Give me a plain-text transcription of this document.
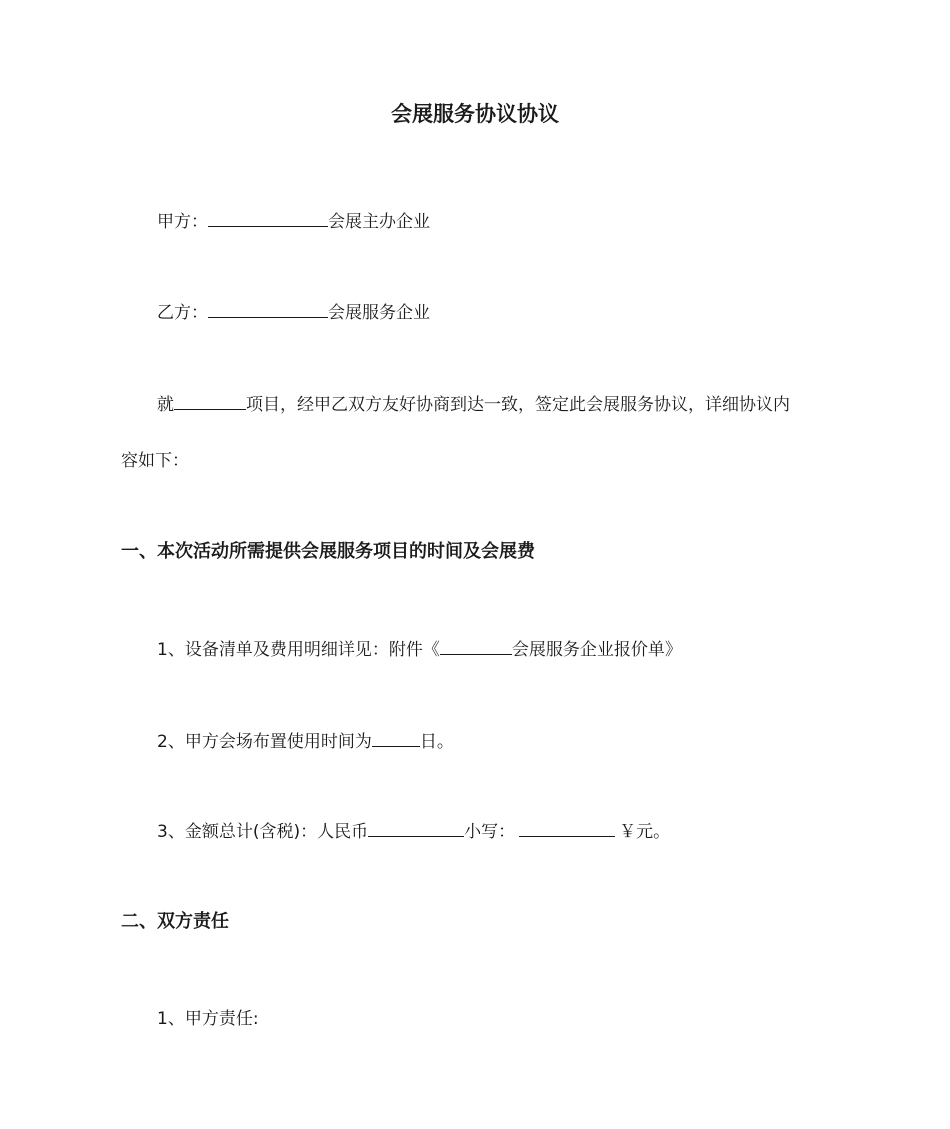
会展服务协议协议
甲方：	会展主办企业
乙方：	会展服务企业
就	项目，经甲乙双方友好协商到达一致，签定此会展服务协议，详细协议内
容如下：
一、本次活动所需提供会展服务项目的时间及会展费
1、设备清单及费用明细详见：附件《	会展服务企业报价单》
2、甲方会场布置使用时间为	日。
3、金额总计(含税)：人民币	小写：	￥元。
二、双方责任
1、甲方责任:
